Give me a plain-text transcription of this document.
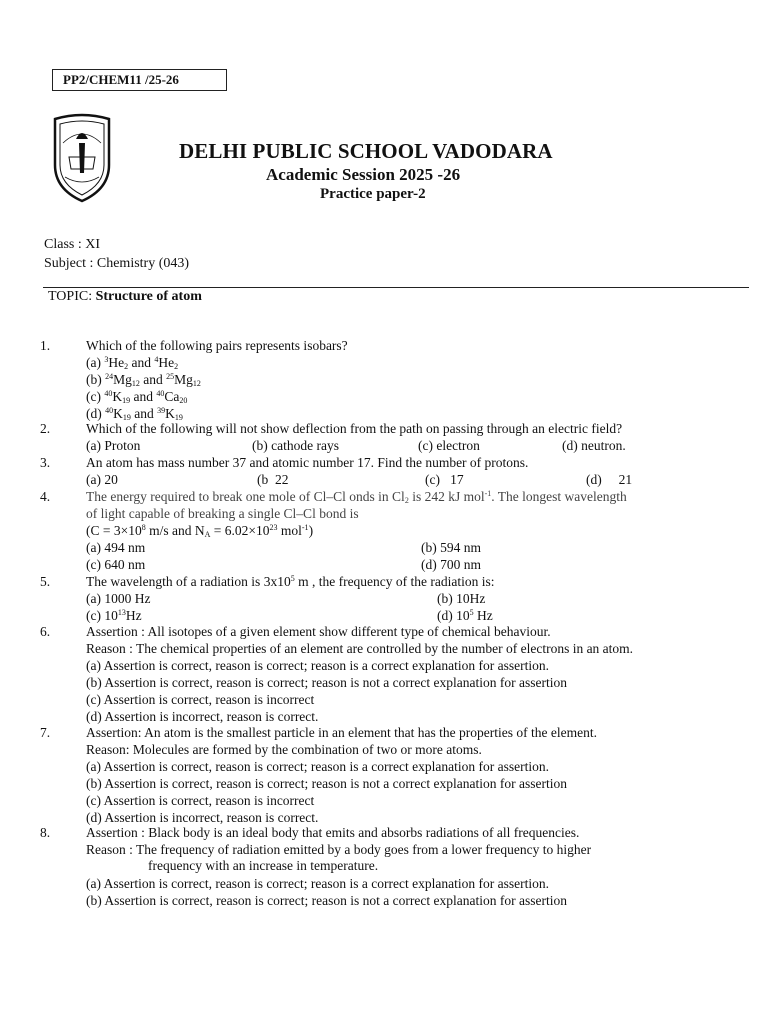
PP2/CHEM11 /25-26
DELHI PUBLIC SCHOOL VADODARA
Academic Session 2025 -26
Practice paper-2
Class : XI
Subject : Chemistry (043)
TOPIC: Structure of atom
1.	Which of the following pairs represents isobars?
(a) $^3He_2$ and $^4He_2$
(b) $^{24}Mg_{12}$ and $^{25}Mg_{12}$
(c) $^{40}K_{19}$ and $^{40}Ca_{20}$
(d) $^{40}K_{19}$ and $^{39}K_{19}$
2.	Which of the following will not show deflection from the path on passing through an electric field?
(a) Proton	(b) cathode rays	(c) electron	(d) neutron.
3.	An atom has mass number 37 and atomic number 17. Find the number of protons.
(a) 20	(b  22	(c)   17	(d)     21
4.	The energy required to break one mole of Cl–Cl onds in $Cl_2$ is 242 kJ mol$^{-1}$. The longest wavelength
of light capable of breaking a single Cl–Cl bond is
($C = 3\times 10^8$ m/s and $N_A = 6.02\times 10^{23}$ mol$^{-1}$)
(a) 494 nm	(b) 594 nm
(c) 640 nm	(d) 700 nm
5.	The wavelength of a radiation is $3x10^5$ m , the frequency of the radiation is:
(a) 1000 Hz	(b) 10Hz
(c) $10^{13}Hz$	(d) $10^5$ Hz
6.	Assertion : All isotopes of a given element show different type of chemical behaviour.
Reason : The chemical properties of an element are controlled by the number of electrons in an atom.
(a) Assertion is correct, reason is correct; reason is a correct explanation for assertion.
(b) Assertion is correct, reason is correct; reason is not a correct explanation for assertion
(c) Assertion is correct, reason is incorrect
(d) Assertion is incorrect, reason is correct.
7.	Assertion: An atom is the smallest particle in an element that has the properties of the element.
Reason: Molecules are formed by the combination of two or more atoms.
(a) Assertion is correct, reason is correct; reason is a correct explanation for assertion.
(b) Assertion is correct, reason is correct; reason is not a correct explanation for assertion
(c) Assertion is correct, reason is incorrect
(d) Assertion is incorrect, reason is correct.
8.	Assertion : Black body is an ideal body that emits and absorbs radiations of all frequencies.
Reason : The frequency of radiation emitted by a body goes from a lower frequency to higher
frequency with an increase in temperature.
(a) Assertion is correct, reason is correct; reason is a correct explanation for assertion.
(b) Assertion is correct, reason is correct; reason is not a correct explanation for assertion
